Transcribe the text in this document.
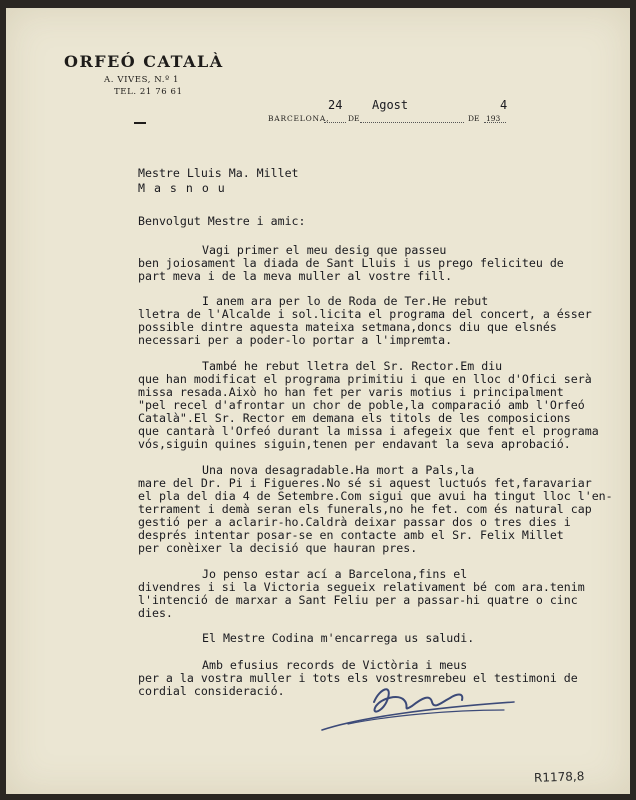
ORFEÓ CATALÀ
A. VIVES, N.º 1
TEL. 21 76 61
BARCELONA,
24
DE
Agost
DE 193
4
Mestre Lluis Ma. Millet
M a s n o u
Benvolgut Mestre i amic:
Vagi primer el meu desig que passeu
ben joiosament la diada de Sant Lluis i us prego feliciteu de
part meva i de la meva muller al vostre fill.
I anem ara per lo de Roda de Ter.He rebut
lletra de l'Alcalde i sol.licita el programa del concert, a ésser
possible dintre aquesta mateixa setmana,doncs diu que elsnés
necessari per a poder-lo portar a l'impremta.
També he rebut lletra del Sr. Rector.Em diu
que han modificat el programa primitiu i que en lloc d'Ofici serà
missa resada.Això ho han fet per varis motius i principalment
"pel recel d'afrontar un chor de poble,la comparació amb l'Orfeó
Català".El Sr. Rector em demana els titols de les composicions
que cantarà l'Orfeó durant la missa i afegeix que fent el programa
vós,siguin quines siguin,tenen per endavant la seva aprobació.
Una nova desagradable.Ha mort a Pals,la
mare del Dr. Pi i Figueres.No sé si aquest luctuós fet,faravariar
el pla del dia 4 de Setembre.Com sigui que avui ha tingut lloc l'en-
terrament i demà seran els funerals,no he fet. com és natural cap
gestió per a aclarir-ho.Caldrà deixar passar dos o tres dies i
després intentar posar-se en contacte amb el Sr. Felix Millet
per conèixer la decisió que hauran pres.
Jo penso estar ací a Barcelona,fins el
divendres i si la Victoria segueix relativament bé com ara.tenim
l'intenció de marxar a Sant Feliu per a passar-hi quatre o cinc
dies.
El Mestre Codina m'encarrega us saludi.
Amb efusius records de Victòria i meus
per a la vostra muller i tots els vostresmrebeu el testimoni de
cordial consideració.
R1178,8
